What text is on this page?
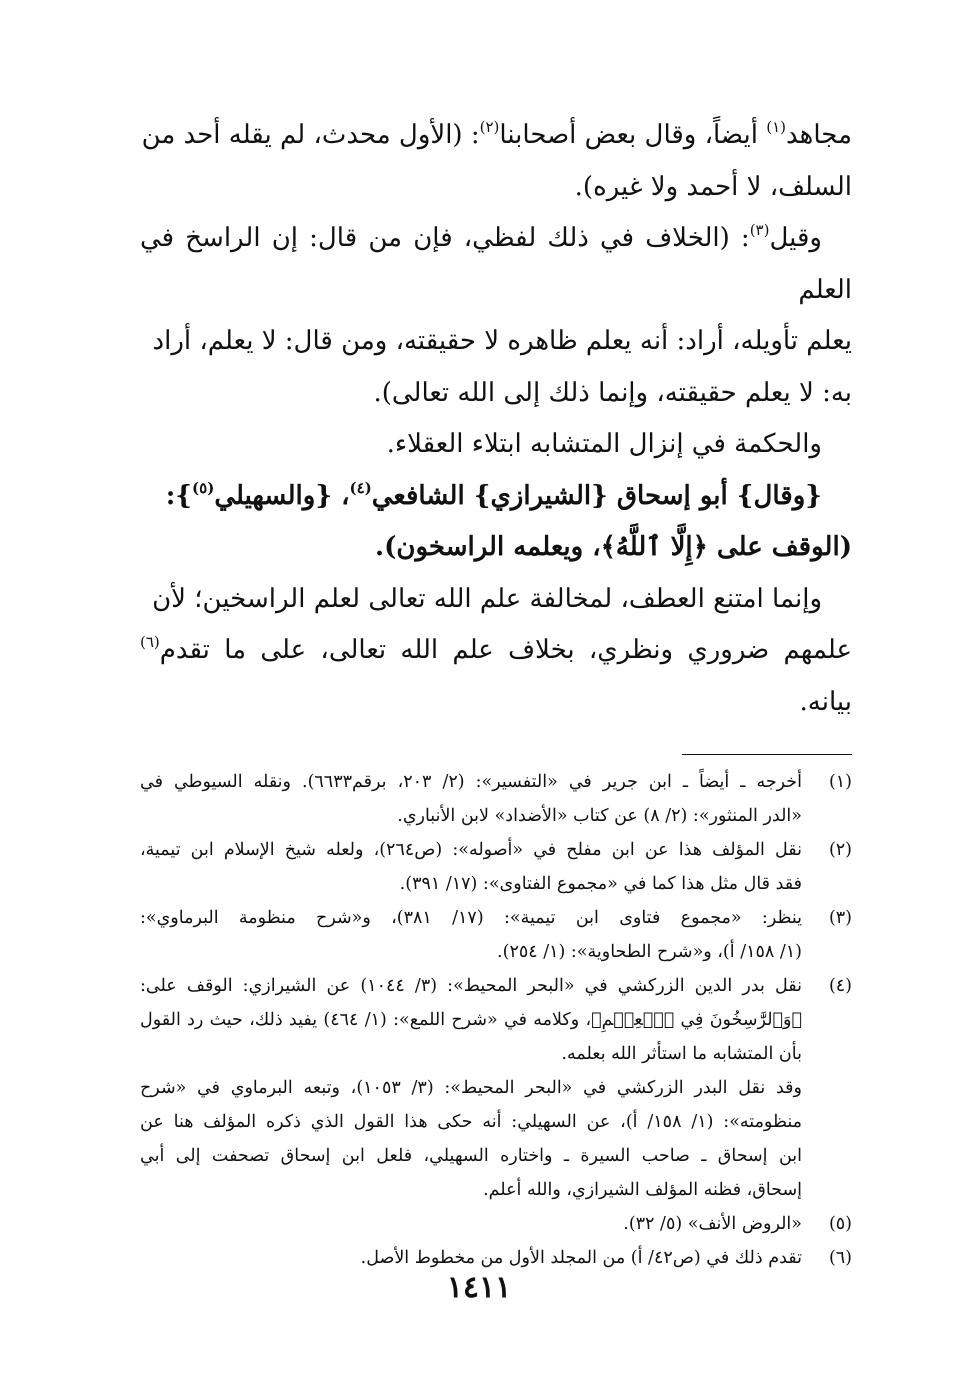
مجاهد$^{(١)}$ أيضاً، وقال بعض أصحابنا$^{(٢)}$: (الأول محدث، لم يقله أحد من

السلف، لا أحمد ولا غيره).

وقيل$^{(٣)}$: (الخلاف في ذلك لفظي، فإن من قال: إن الراسخ في العلم

يعلم تأويله، أراد: أنه يعلم ظاهره لا حقيقته، ومن قال: لا يعلم، أراد

به: لا يعلم حقيقته، وإنما ذلك إلى الله تعالى).

والحكمة في إنزال المتشابه ابتلاء العقلاء.

{وقال} أبو إسحاق {الشيرازي} الشافعي$^{(٤)}$، {والسهيلي$^{(٥)}$}:

(الوقف على ﴿إِلَّا ٱللَّهُ﴾، ويعلمه الراسخون).

وإنما امتنع العطف، لمخالفة علم الله تعالى لعلم الراسخين؛ لأن

علمهم ضروري ونظري، بخلاف علم الله تعالى، على ما تقدم$^{(٦)}$ بيانه.

(١)
أخرجه ـ أيضاً ـ ابن جرير في «التفسير»: (٢/ ٢٠٣، برقم٦٦٣٣). ونقله السيوطي في
«الدر المنثور»: (٢/ ٨) عن كتاب «الأضداد» لابن الأنباري.
(٢)
نقل المؤلف هذا عن ابن مفلح في «أصوله»: (ص٢٦٤)، ولعله شيخ الإسلام ابن تيمية،
فقد قال مثل هذا كما في «مجموع الفتاوى»: (١٧/ ٣٩١).
(٣)
ينظر: «مجموع فتاوى ابن تيمية»: (١٧/ ٣٨١)، و«شرح منظومة البرماوي»:
(١/ ١٥٨/ أ)، و«شرح الطحاوية»: (١/ ٢٥٤).
(٤)
نقل بدر الدين الزركشي في «البحر المحيط»: (٣/ ١٠٤٤) عن الشيرازي: الوقف على:
﴿وَٱلرَّٰسِخُونَ فِي ٱلۡعِلۡمِ﴾، وكلامه في «شرح اللمع»: (١/ ٤٦٤) يفيد ذلك، حيث رد القول
بأن المتشابه ما استأثر الله بعلمه.
وقد نقل البدر الزركشي في «البحر المحيط»: (٣/ ١٠٥٣)، وتبعه البرماوي في «شرح
منظومته»: (١/ ١٥٨/ أ)، عن السهيلي: أنه حكى هذا القول الذي ذكره المؤلف هنا عن
ابن إسحاق ـ صاحب السيرة ـ واختاره السهيلي، فلعل ابن إسحاق تصحفت إلى أبي
إسحاق، فظنه المؤلف الشيرازي، والله أعلم.
(٥)
«الروض الأنف» (٥/ ٣٢).
(٦)
تقدم ذلك في (ص٤٢/ أ) من المجلد الأول من مخطوط الأصل.
١٤١١
